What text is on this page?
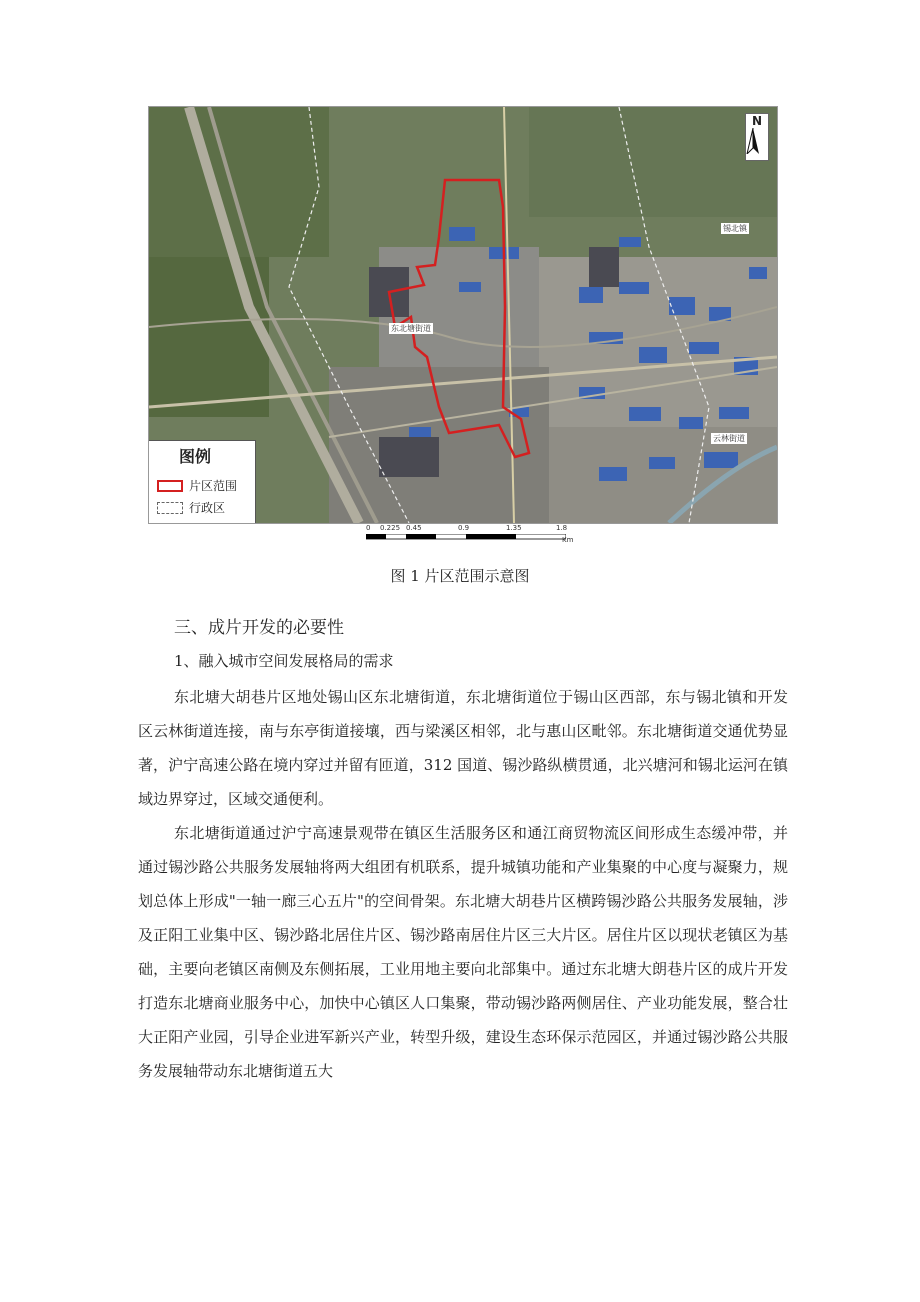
N
锡北镇
东北塘街道
云林街道
图例
片区范围
行政区
0 0.225 0.45	0.9	1.35	1.8
Km
图 1 片区范围示意图
三、成片开发的必要性
1、融入城市空间发展格局的需求

东北塘大胡巷片区地处锡山区东北塘街道，东北塘街道位于锡山区西部，东与锡北镇和开发区云林街道连接，南与东亭街道接壤，西与梁溪区相邻，北与惠山区毗邻。东北塘街道交通优势显著，沪宁高速公路在境内穿过并留有匝道，312 国道、锡沙路纵横贯通，北兴塘河和锡北运河在镇域边界穿过，区域交通便利。

东北塘街道通过沪宁高速景观带在镇区生活服务区和通江商贸物流区间形成生态缓冲带，并通过锡沙路公共服务发展轴将两大组团有机联系，提升城镇功能和产业集聚的中心度与凝聚力，规划总体上形成"一轴一廊三心五片"的空间骨架。东北塘大胡巷片区横跨锡沙路公共服务发展轴，涉及正阳工业集中区、锡沙路北居住片区、锡沙路南居住片区三大片区。居住片区以现状老镇区为基础，主要向老镇区南侧及东侧拓展，工业用地主要向北部集中。通过东北塘大朗巷片区的成片开发打造东北塘商业服务中心，加快中心镇区人口集聚，带动锡沙路两侧居住、产业功能发展，整合壮大正阳产业园，引导企业进军新兴产业，转型升级，建设生态环保示范园区，并通过锡沙路公共服务发展轴带动东北塘街道五大
